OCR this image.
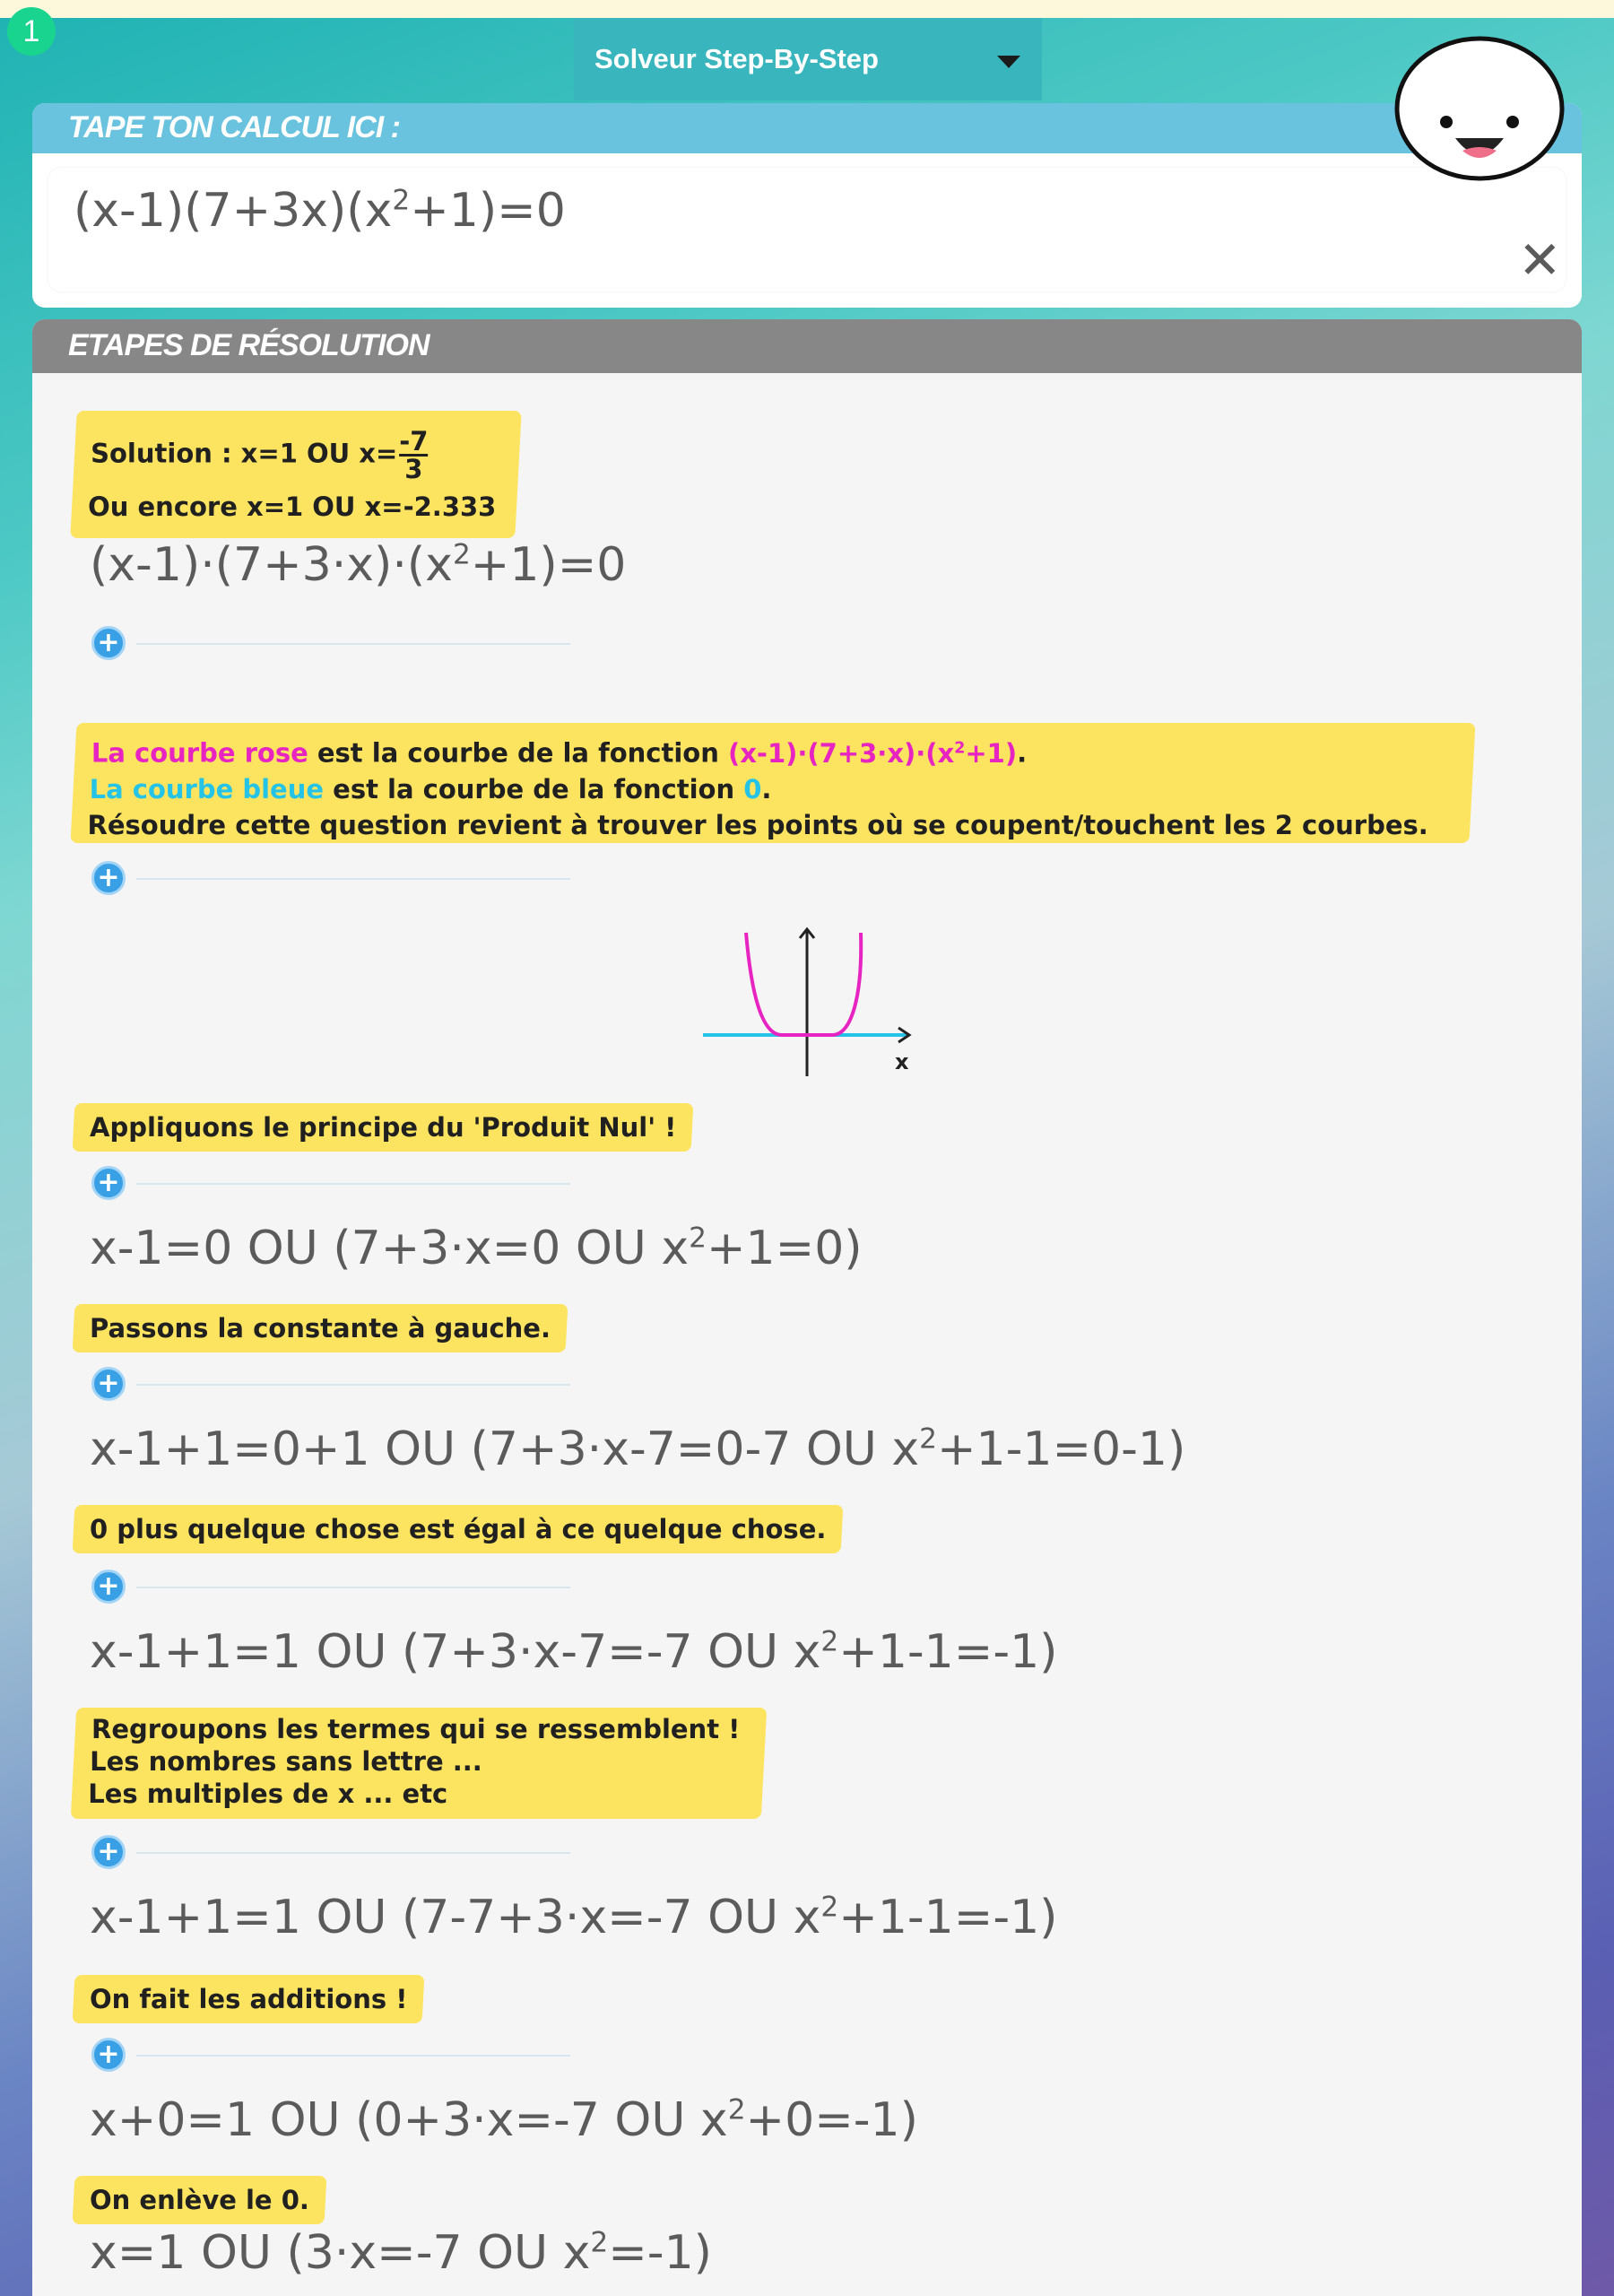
1
Solveur Step-By-Step
TAPE TON CALCUL ICI :
$(x-1)(7+3x)(x^2+1)=0$
✕
ETAPES DE RÉSOLUTION
Solution : x=1 OU $x= \frac{-7}{3}$
Ou encore x=1 OU x=-2.333
$(x-1)\cdot(7+3\cdot x)\cdot(x^2+1)=0$
+
La courbe rose est la courbe de la fonction $(x-1)\cdot(7+3\cdot x)\cdot(x^2+1)$.
La courbe bleue est la courbe de la fonction 0.
Résoudre cette question revient à trouver les points où se coupent/touchent les 2 courbes.
+
x
Appliquons le principe du 'Produit Nul' !
+
x-1=0 OU (7+3·x=0 OU $x^2+1=0$)
Passons la constante à gauche.
+
x-1+1=0+1 OU (7+3·x-7=0-7 OU $x^2+1-1=0-1$)
0 plus quelque chose est égal à ce quelque chose.
+
x-1+1=1 OU (7+3·x-7=-7 OU $x^2+1-1=-1$)
Regroupons les termes qui se ressemblent !
Les nombres sans lettre ...
Les multiples de x ... etc
+
x-1+1=1 OU (7-7+3·x=-7 OU $x^2+1-1=-1$)
On fait les additions !
+
x+0=1 OU (0+3·x=-7 OU $x^2+0=-1$)
On enlève le 0.
x=1 OU (3·x=-7 OU $x^2=-1$)
